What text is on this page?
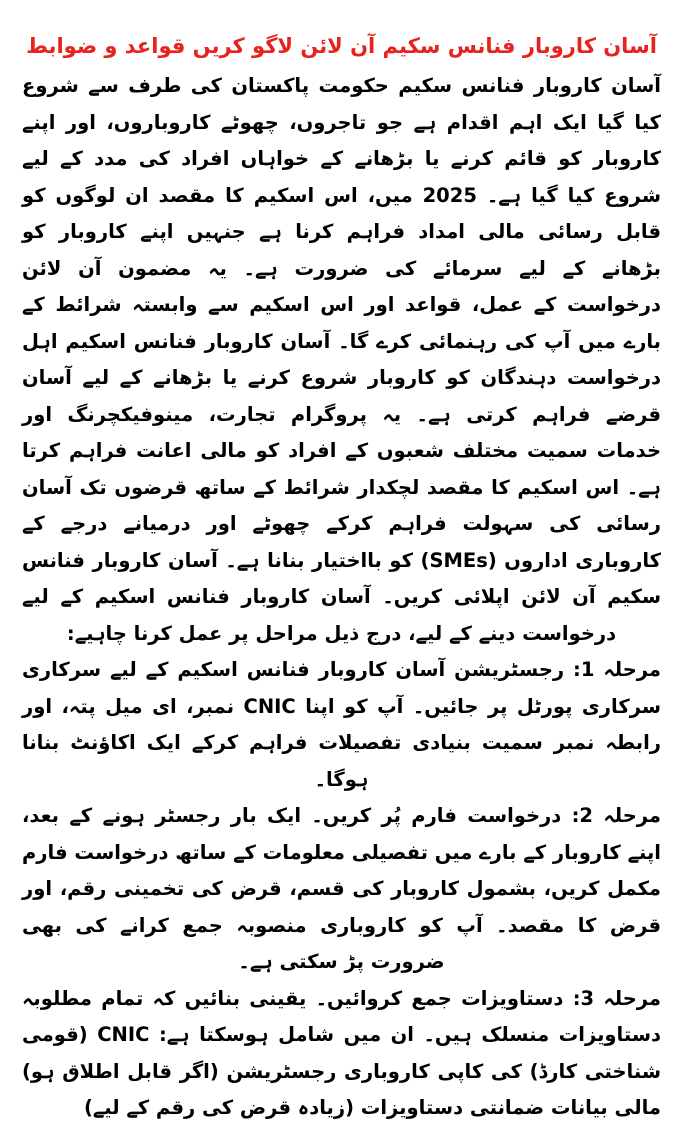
آسان کاروبار فنانس سکیم آن لائن لاگو کریں قواعد و ضوابط

آسان کاروبار فنانس سکیم حکومت پاکستان کی طرف سے شروع کیا گیا ایک اہم اقدام ہے جو تاجروں، چھوٹے کاروباروں، اور اپنے کاروبار کو قائم کرنے یا بڑھانے کے خواہاں افراد کی مدد کے لیے شروع کیا گیا ہے۔ 2025 میں، اس اسکیم کا مقصد ان لوگوں کو قابل رسائی مالی امداد فراہم کرنا ہے جنہیں اپنے کاروبار کو بڑھانے کے لیے سرمائے کی ضرورت ہے۔ یہ مضمون آن لائن درخواست کے عمل، قواعد اور اس اسکیم سے وابستہ شرائط کے بارے میں آپ کی رہنمائی کرے گا۔ آسان کاروبار فنانس اسکیم اہل درخواست دہندگان کو کاروبار شروع کرنے یا بڑھانے کے لیے آسان قرضے فراہم کرتی ہے۔ یہ پروگرام تجارت، مینوفیکچرنگ اور خدمات سمیت مختلف شعبوں کے افراد کو مالی اعانت فراہم کرتا ہے۔ اس اسکیم کا مقصد لچکدار شرائط کے ساتھ قرضوں تک آسان رسائی کی سہولت فراہم کرکے چھوٹے اور درمیانے درجے کے کاروباری اداروں (SMEs) کو بااختیار بنانا ہے۔ آسان کاروبار فنانس سکیم آن لائن اپلائی کریں۔ آسان کاروبار فنانس اسکیم کے لیے درخواست دینے کے لیے، درج ذیل مراحل پر عمل کرنا چاہیے:

مرحلہ 1: رجسٹریشن آسان کاروبار فنانس اسکیم کے لیے سرکاری سرکاری پورٹل پر جائیں۔ آپ کو اپنا CNIC نمبر، ای میل پتہ، اور رابطہ نمبر سمیت بنیادی تفصیلات فراہم کرکے ایک اکاؤنٹ بنانا ہوگا۔

مرحلہ 2: درخواست فارم پُر کریں۔ ایک بار رجسٹر ہونے کے بعد، اپنے کاروبار کے بارے میں تفصیلی معلومات کے ساتھ درخواست فارم مکمل کریں، بشمول کاروبار کی قسم، قرض کی تخمینی رقم، اور قرض کا مقصد۔ آپ کو کاروباری منصوبہ جمع کرانے کی بھی ضرورت پڑ سکتی ہے۔

مرحلہ 3: دستاویزات جمع کروائیں۔ یقینی بنائیں کہ تمام مطلوبہ دستاویزات منسلک ہیں۔ ان میں شامل ہوسکتا ہے: CNIC (قومی شناختی کارڈ) کی کاپی کاروباری رجسٹریشن (اگر قابل اطلاق ہو) مالی بیانات ضمانتی دستاویزات (زیادہ قرض کی رقم کے لیے)
